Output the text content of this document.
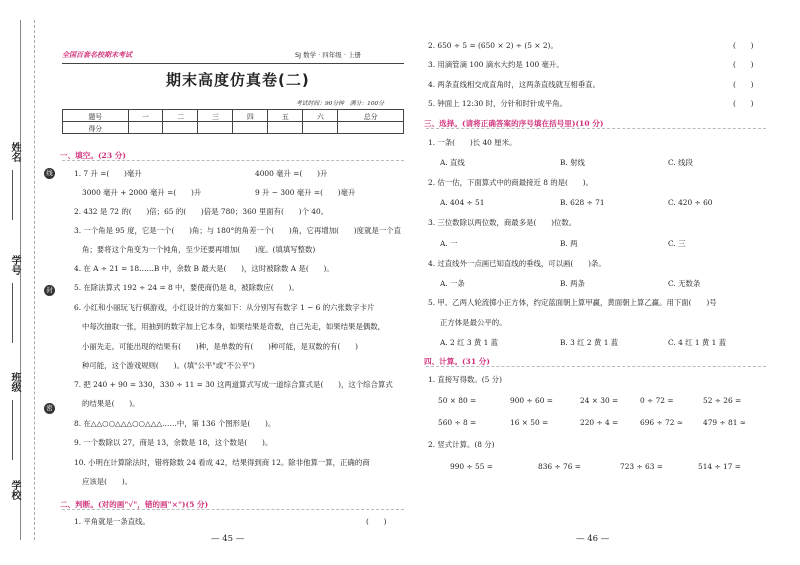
姓名
学号
班级
学校
线
封
密
全国百套名校期末考试	SJ 数学 · 四年级 · 上册
期末高度仿真卷(二)
考试时间：90分钟　满分：100分
题号	一	二	三	四	五	六	总分
得分							
一、填空。(23 分)
1. 7 升 =(　　)毫升	4000 毫升 =(　　)升
3000 毫升 + 2000 毫升 =(　　)升	9 升 − 300 毫升 =(　　)毫升
2. 432 是 72 的(　　)倍；65 的(　　)倍是 780；360 里面有(　　)个 40。
3. 一个角是 95 度，它是一个(　　)角；与 180°的角差一个(　　)角，它再增加(　　)度就是一个直
角；要将这个角变为一个钝角，至少还要再增加(　　)度。(填填写整数)
4. 在 A ÷ 21 = 18……B 中，余数 B 最大是(　　)，这时被除数 A 是(　　)。
5. 在除法算式 192 ÷ 24 = 8 中，要使商仍是 8，被除数应(　　)。
6. 小红和小丽玩飞行棋游戏，小红设计的方案如下：从分别写有数字 1 − 6 的六张数字卡片
中每次抽取一张，用抽到的数字加上它本身，如果结果是奇数，自己先走，如果结果是偶数，
小丽先走。可能出现的结果有(　　)种，是单数的有(　　)种可能，是双数的有(　　)
种可能，这个游戏规则(　　)。(填"公平"或"不公平")
7. 把 240 + 90 = 330，330 ÷ 11 = 30 这两道算式写成一道综合算式是(　　)，这个综合算式
的结果是(　　)。
8. 在△△○○△△△○○△△△……中，第 136 个图形是(　　)。
9. 一个数除以 27，商是 13，余数是 18，这个数是(　　)。
10. 小明在计算除法时，错将除数 24 看成 42，结果得到商 12。除非他算一算，正确的商
应该是(　　)。
二、判断。(对的画"√"，错的画"×")(5 分)
1. 平角就是一条直线。	(　　)
— 45 —
2. 650 ÷ 5 = (650 × 2) ÷ (5 × 2)。	(　　)
3. 用滴管滴 100 滴水大约是 100 毫升。	(　　)
4. 两条直线相交成直角时，这两条直线就互相垂直。	(　　)
5. 钟面上 12:30 时，分针和时针成平角。	(　　)
三、选择。(请将正确答案的序号填在括号里)(10 分)
1. 一条(　　)长 40 厘米。
A. 直线	B. 射线	C. 线段
2. 估一估，下面算式中的商最接近 8 的是(　　)。
A. 404 ÷ 51	B. 628 ÷ 71	C. 420 ÷ 60
3. 三位数除以两位数，商最多是(　　)位数。
A. 一	B. 两	C. 三
4. 过直线外一点画已知直线的垂线，可以画(　　)条。
A. 一条	B. 两条	C. 无数条
5. 甲、乙两人轮流掷小正方体，约定蓝面朝上算甲赢，黄面朝上算乙赢。用下面(　　)号
正方体是最公平的。
A. 2 红 3 黄 1 蓝	B. 3 红 2 黄 1 蓝	C. 4 红 1 黄 1 蓝
四、计算。(31 分)
1. 直接写得数。(5 分)
50 × 80 =	900 ÷ 60 =	24 × 30 =	0 ÷ 72 =	52 ÷ 26 =
560 ÷ 8 =	16 × 50 =	220 ÷ 4 =	696 ÷ 72 ≈	479 ÷ 81 ≈
2. 竖式计算。(8 分)
990 ÷ 55 =	836 ÷ 76 =	723 ÷ 63 =	514 ÷ 17 =
— 46 —
